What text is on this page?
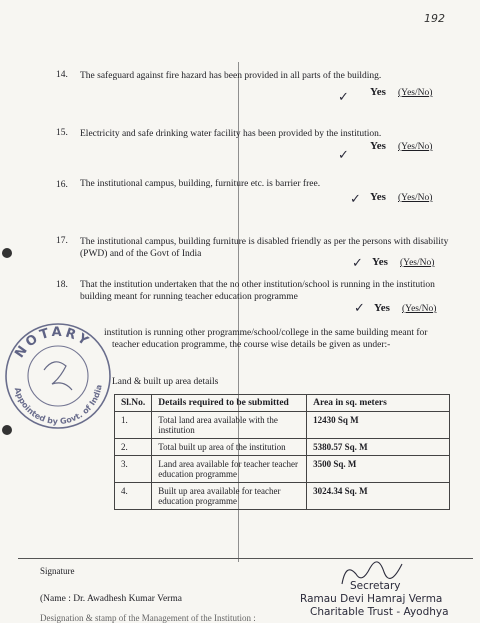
192
14. The safeguard against fire hazard has been provided in all parts of the building.
✓ Yes (Yes/No)
15. Electricity and safe drinking water facility has been provided by the institution.
Yes (Yes/No)
✓
16. The institutional campus, building, furniture etc. is barrier free.
✓ Yes (Yes/No)
17. The institutional campus, building furniture is disabled friendly as per the persons with disability
(PWD) and of the Govt of India
✓ Yes (Yes/No)
18. That the institution undertaken that the no other institution/school is running in the institution
building meant for running teacher education programme
✓ Yes (Yes/No)
institution is running other programme/school/college in the same building meant for
teacher education programme, the course wise details be given as under:-
Land & built up area details
NOTARY
Appointed by Govt. of India
Sl.No.	Details required to be submitted	Area in sq. meters
1.	Total land area available with the institution	12430 Sq M
2.	Total built up area of the institution	5380.57 Sq. M
3.	Land area available for teacher teacher education programme	3500 Sq. M
4.	Built up area available for teacher education programme	3024.34 Sq. M
Signature
(Name : Dr. Awadhesh Kumar Verma
Designation & stamp of the Management of the Institution :
Secretary
Ramau Devi Hamraj Verma
Charitable Trust - Ayodhya
